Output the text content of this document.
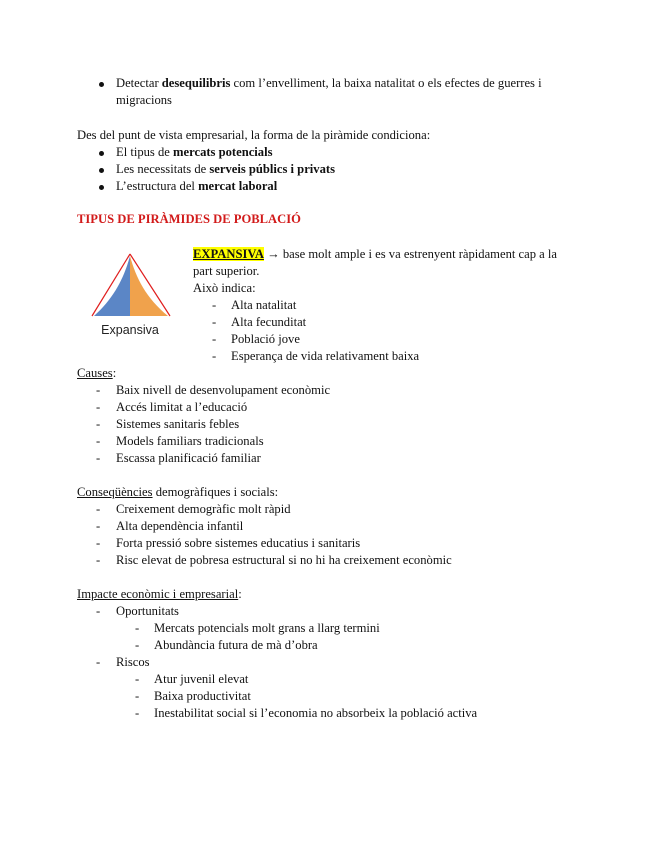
Detectar desequilibris com l’envelliment, la baixa natalitat o els efectes de guerres i
migracions
Des del punt de vista empresarial, la forma de la piràmide condiciona:
El tipus de mercats potencials
Les necessitats de serveis públics i privats
L’estructura del mercat laboral
TIPUS DE PIRÀMIDES DE POBLACIÓ
Expansiva
EXPANSIVA → base molt ample i es va estrenyent ràpidament cap a la
part superior.
Això indica:
- Alta natalitat
- Alta fecunditat
- Població jove
- Esperança de vida relativament baixa
Causes:
- Baix nivell de desenvolupament econòmic
- Accés limitat a l’educació
- Sistemes sanitaris febles
- Models familiars tradicionals
- Escassa planificació familiar
Conseqüències demogràfiques i socials:
- Creixement demogràfic molt ràpid
- Alta dependència infantil
- Forta pressió sobre sistemes educatius i sanitaris
- Risc elevat de pobresa estructural si no hi ha creixement econòmic
Impacte econòmic i empresarial:
- Oportunitats
- Mercats potencials molt grans a llarg termini
- Abundància futura de mà d’obra
- Riscos
- Atur juvenil elevat
- Baixa productivitat
- Inestabilitat social si l’economia no absorbeix la població activa
